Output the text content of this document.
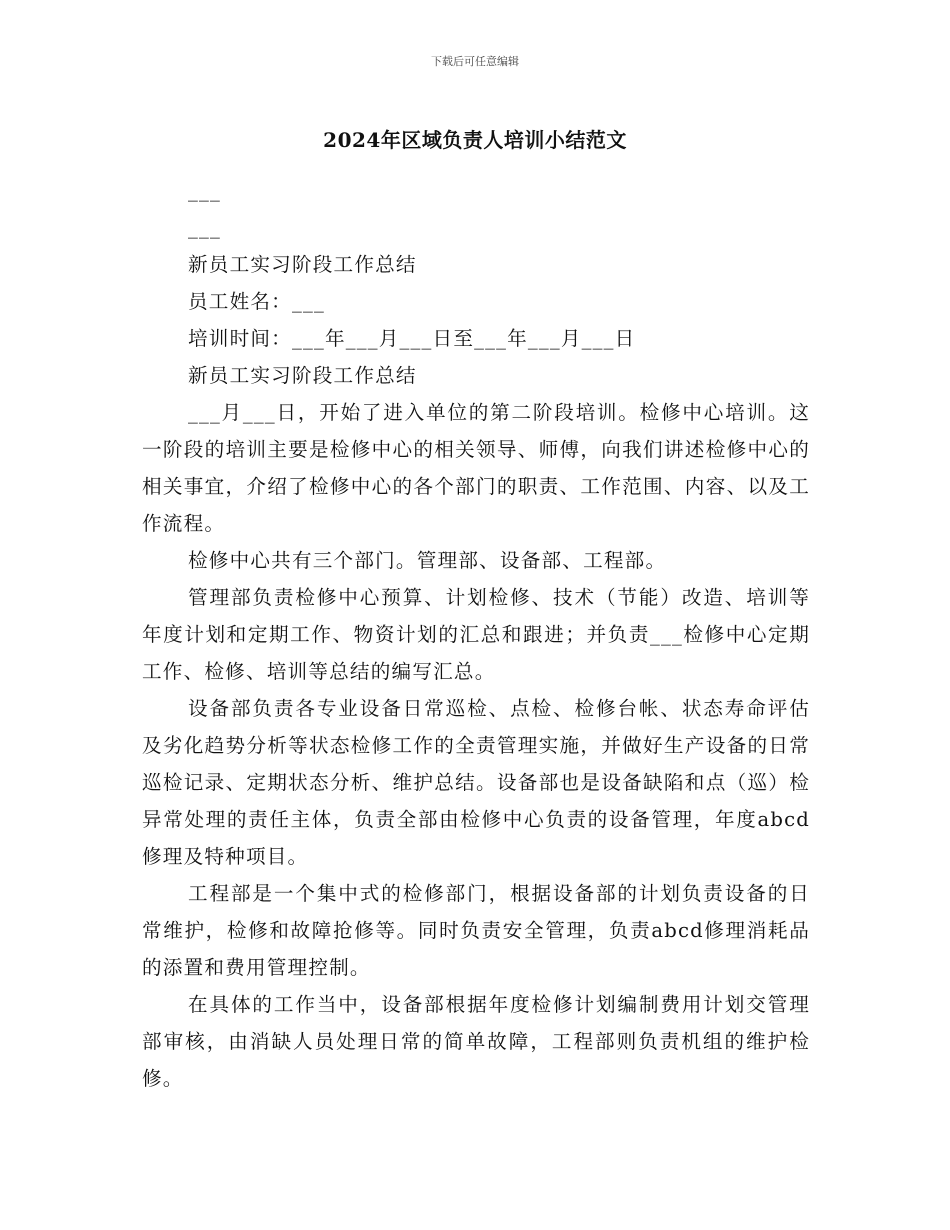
下载后可任意编辑
2024年区域负责人培训小结范文
___
___
新员工实习阶段工作总结
员工姓名：___
培训时间：___年___月___日至___年___月___日
新员工实习阶段工作总结
___月___日，开始了进入单位的第二阶段培训。检修中心培训。这一阶段的培训主要是检修中心的相关领导、师傅，向我们讲述检修中心的相关事宜，介绍了检修中心的各个部门的职责、工作范围、内容、以及工作流程。
检修中心共有三个部门。管理部、设备部、工程部。
管理部负责检修中心预算、计划检修、技术（节能）改造、培训等年度计划和定期工作、物资计划的汇总和跟进；并负责___检修中心定期工作、检修、培训等总结的编写汇总。
设备部负责各专业设备日常巡检、点检、检修台帐、状态寿命评估及劣化趋势分析等状态检修工作的全责管理实施，并做好生产设备的日常巡检记录、定期状态分析、维护总结。设备部也是设备缺陷和点（巡）检异常处理的责任主体，负责全部由检修中心负责的设备管理，年度abcd修理及特种项目。
工程部是一个集中式的检修部门，根据设备部的计划负责设备的日常维护，检修和故障抢修等。同时负责安全管理，负责abcd修理消耗品的添置和费用管理控制。
在具体的工作当中，设备部根据年度检修计划编制费用计划交管理部审核，由消缺人员处理日常的简单故障，工程部则负责机组的维护检修。
